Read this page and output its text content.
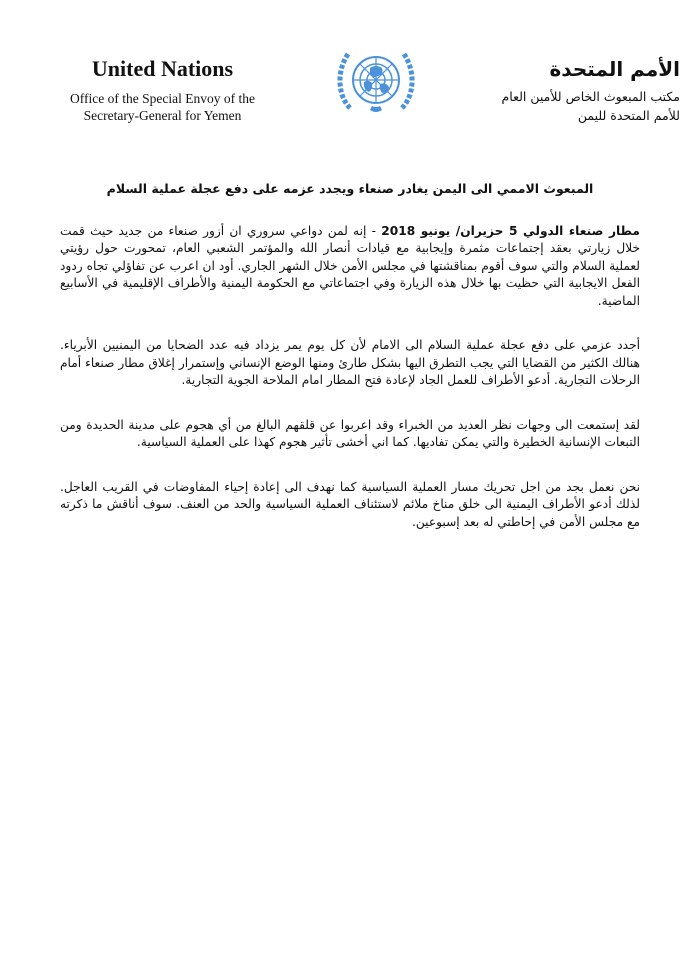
United Nations
Office of the Special Envoy of the
Secretary-General for Yemen
الأمم المتحدة
مكتب المبعوث الخاص للأمين العام
للأمم المتحدة لليمن

المبعوث الاممي الى اليمن يغادر صنعاء ويجدد عزمه على دفع عجلة عملية السلام

مطار صنعاء الدولي 5 حزيران/ يونيو 2018 - إنه لمن دواعي سروري ان أزور صنعاء من جديد حيث قمت خلال زيارتي بعقد إجتماعات مثمرة وإيجابية مع قيادات أنصار الله والمؤتمر الشعبي العام، تمحورت حول رؤيتي لعملية السلام والتي سوف أقوم بمناقشتها في مجلس الأمن خلال الشهر الجاري. أود ان اعرب عن تفاؤلي تجاه ردود الفعل الايجابية التي حظيت بها خلال هذه الزيارة وفي اجتماعاتي مع الحكومة اليمنية والأطراف الإقليمية في الأسابيع الماضية.

أجدد عزمي على دفع عجلة عملية السلام الى الامام لأن كل يوم يمر يزداد فيه عدد الضحايا من اليمنيين الأبرياء. هنالك الكثير من القضايا التي يجب التطرق اليها بشكل طارئ ومنها الوضع الإنساني وإستمرار إغلاق مطار صنعاء أمام الرحلات التجارية. أدعو الأطراف للعمل الجاد لإعادة فتح المطار امام الملاحة الجوية التجارية.

لقد إستمعت الى وجهات نظر العديد من الخبراء وقد اعربوا عن قلقهم البالغ من أي هجوم على مدينة الحديدة ومن التبعات الإنسانية الخطيرة والتي يمكن تفاديها. كما اني أخشى تأثير هجوم كهذا على العملية السياسية.

نحن نعمل بجد من اجل تحريك مسار العملية السياسية كما نهدف الى إعادة إحياء المفاوضات في القريب العاجل. لذلك أدعو الأطراف اليمنية الى خلق مناخ ملائم لاستئناف العملية السياسية والحد من العنف. سوف أناقش ما ذكرته مع مجلس الأمن في إحاطتي له بعد إسبوعين.
